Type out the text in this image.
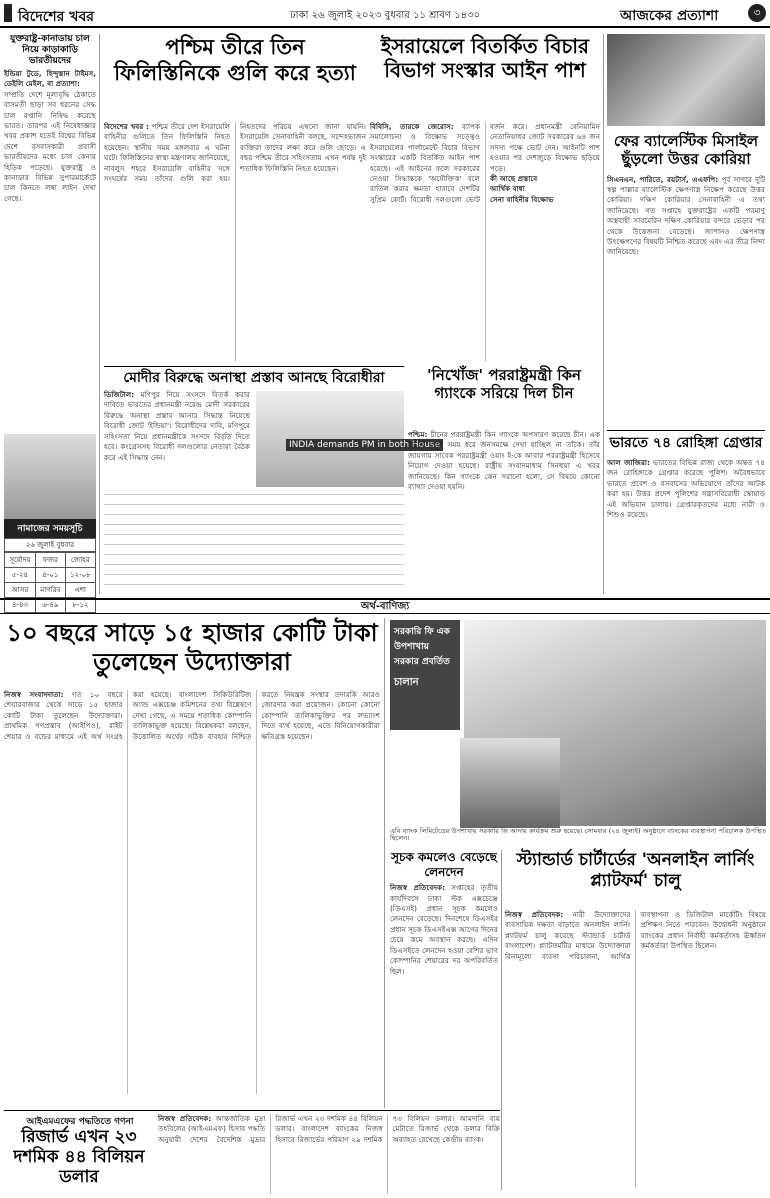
বিদেশের খবর	ঢাকা ২৬ জুলাই ২০২৩ বুধবার ১১ শ্রাবণ ১৪৩০	আজকের প্রত্যাশা	৩
যুক্তরাষ্ট্র-কানাডায় চাল নিয়ে কাড়াকাড়ি ভারতীয়দের
ইন্ডিয়া টুডে, হিন্দুস্তান টাইমস, ডেইলি মেইল, বা প্রত্যাশা:
সম্প্রতি দেশে মূল্যবৃদ্ধি ঠেকাতে বাসমতী ছাড়া সব ধরনের সেদ্ধ চাল রপ্তানি নিষিদ্ধ করেছে ভারত। তারপর এই নিষেধাজ্ঞার খবর প্রকাশ হতেই বিশ্বের বিভিন্ন দেশে বসবাসকারী প্রবাসী ভারতীয়দের মধ্যে চাল কেনার হিড়িক পড়েছে। যুক্তরাষ্ট্র ও কানাডার বিভিন্ন সুপারমার্কেটে চাল কিনতে লম্বা লাইন দেখা গেছে।
নামাজের সময়সূচি
২৬ জুলাই বুধবার
সূর্যোদয়	ফজর	জোহর
৫-২৪	৪-০১	১২-০৮
আসর	মাগরিব	এশা
৪-৪৩	৬-৪৯	৮-১২
পশ্চিম তীরে তিন ফিলিস্তিনিকে গুলি করে হত্যা
বিদেশের খবর : পশ্চিম তীরে দেশ ইসরায়েলি বাহিনীর গুলিতে তিন ফিলিস্তিনি নিহত হয়েছেন। স্থানীয় সময় মঙ্গলবার এ ঘটনা ঘটে। ফিলিস্তিনের স্বাস্থ্য মন্ত্রণালয় জানিয়েছে, নাবলুস শহরে ইসরায়েলি বাহিনীর সঙ্গে সংঘর্ষের সময় তাঁদের গুলি করা হয়। নিহতদের পরিচয় এখনো জানা যায়নি। ইসরায়েলি সেনাবাহিনী বলছে, সন্দেহভাজন ব্যক্তিরা তাদের লক্ষ্য করে গুলি ছোড়ে। এ বছর পশ্চিম তীরে সহিংসতায় এখন পর্যন্ত দুই শতাধিক ফিলিস্তিনি নিহত হয়েছেন।
ইসরায়েলে বিতর্কিত বিচার বিভাগ সংস্কার আইন পাশ
বিবিসি, তারকে জেরোস: ব্যাপক সমালোচনা ও বিক্ষোভ সত্ত্বেও ইসরায়েলের পার্লামেন্টে বিচার বিভাগ সংস্কারের একটি বিতর্কিত আইন পাশ হয়েছে। এই আইনের ফলে সরকারের নেওয়া সিদ্ধান্তকে 'অযৌক্তিক' বলে বাতিল করার ক্ষমতা হারাবে দেশটির সুপ্রিম কোর্ট। বিরোধী দলগুলো ভোট বর্জন করে। প্রধানমন্ত্রী বেনিয়ামিন নেতানিয়াহুর জোট সরকারের ৬৪ জন সদস্য পক্ষে ভোট দেন। আইনটি পাশ হওয়ার পর দেশজুড়ে বিক্ষোভ ছড়িয়ে পড়ে।
কী আছে প্রস্তাবে
আর্থিক বাধা
সেনা বাহিনীর বিক্ষোভ
ফের ব্যালেস্টিক মিসাইল ছুঁড়লো উত্তর কোরিয়া
সিএনএন, পারিতে, রয়টার্স, এএফপি: পূর্ব সাগরে দুটি স্বল্প পাল্লার ব্যালেস্টিক ক্ষেপণাস্ত্র নিক্ষেপ করেছে উত্তর কোরিয়া। দক্ষিণ কোরিয়ার সেনাবাহিনী এ তথ্য জানিয়েছে। গত সপ্তাহে যুক্তরাষ্ট্রের একটি পরমাণু অস্ত্রবাহী সাবমেরিন দক্ষিণ কোরিয়ার বন্দরে ভেড়ার পর থেকে উত্তেজনা বেড়েছে। জাপানও ক্ষেপণাস্ত্র উৎক্ষেপণের বিষয়টি নিশ্চিত করেছে এবং এর তীব্র নিন্দা জানিয়েছে।
মোদীর বিরুদ্ধে অনাস্থা প্রস্তাব আনছে বিরোধীরা
INDIA demands PM in both House
ডিজিটাল: মণিপুর নিয়ে সংসদে বিতর্ক করার দাবিতে ভারতের প্রধানমন্ত্রী নরেন্দ্র মোদী সরকারের বিরুদ্ধে অনাস্থা প্রস্তাব আনার সিদ্ধান্ত নিয়েছে বিরোধী জোট 'ইন্ডিয়া'। বিরোধীদের দাবি, মণিপুরে সহিংসতা নিয়ে প্রধানমন্ত্রীকে সংসদে বিবৃতি দিতে হবে। কংগ্রেসসহ বিরোধী দলগুলোর নেতারা বৈঠক করে এই সিদ্ধান্ত নেন।
'নিখোঁজ' পররাষ্ট্রমন্ত্রী কিন গ্যাংকে সরিয়ে দিল চীন
পশ্চিম: চীনের পররাষ্ট্রমন্ত্রী কিন গ্যাংকে অপসারণ করেছে চীন। এক মাসের বেশি সময় ধরে জনসমক্ষে দেখা যাচ্ছিল না তাঁকে। তাঁর জায়গায় সাবেক পররাষ্ট্রমন্ত্রী ওয়াং ই-কে আবার পররাষ্ট্রমন্ত্রী হিসেবে নিয়োগ দেওয়া হয়েছে। রাষ্ট্রীয় সংবাদমাধ্যম সিনহুয়া এ খবর জানিয়েছে। কিন গ্যাংকে কেন সরানো হলো, সে বিষয়ে কোনো ব্যাখ্যা দেওয়া হয়নি।
ভারতে ৭৪ রোহিঙ্গা গ্রেপ্তার
আল জাজিরা: ভারতের বিভিন্ন রাজ্য থেকে অন্তত ৭৪ জন রোহিঙ্গাকে গ্রেপ্তার করেছে পুলিশ। অবৈধভাবে ভারতে প্রবেশ ও বসবাসের অভিযোগে তাঁদের আটক করা হয়। উত্তর প্রদেশ পুলিশের সন্ত্রাসবিরোধী স্কোয়াড এই অভিযান চালায়। গ্রেপ্তারকৃতদের মধ্যে নারী ও শিশুও রয়েছে।
অর্থ-বাণিজ্য
১০ বছরে সাড়ে ১৫ হাজার কোটি টাকা তুলেছেন উদ্যোক্তারা
নিজস্ব সংবাদদাতা: গত ১০ বছরে শেয়ারবাজার থেকে সাড়ে ১৫ হাজার কোটি টাকা তুলেছেন উদ্যোক্তারা। প্রাথমিক গণপ্রস্তাব (আইপিও), রাইট শেয়ার ও বন্ডের মাধ্যমে এই অর্থ সংগ্রহ করা হয়েছে। বাংলাদেশ সিকিউরিটিজ অ্যান্ড এক্সচেঞ্জ কমিশনের তথ্য বিশ্লেষণে দেখা গেছে, এ সময়ে শতাধিক কোম্পানি তালিকাভুক্ত হয়েছে। বিশ্লেষকরা বলছেন, উত্তোলিত অর্থের সঠিক ব্যবহার নিশ্চিত করতে নিয়ন্ত্রক সংস্থার তদারকি আরও জোরদার করা প্রয়োজন। কোনো কোনো কোম্পানি তালিকাভুক্তির পর লভ্যাংশ দিতে ব্যর্থ হয়েছে, এতে বিনিয়োগকারীরা ক্ষতিগ্রস্ত হয়েছেন।
সরকারি ফি এক
উপশাখায়
সরকার প্রবর্তিত
চালান
এবি ব্যাংক লিমিটেডের উপশাখায় সরকারি ফি আদায় কার্যক্রম শুরু হয়েছে। সোমবার (২৪ জুলাই) অনুষ্ঠানে ব্যাংকের ব্যবস্থাপনা পরিচালক উপস্থিত ছিলেন।
সূচক কমলেও বেড়েছে লেনদেন
নিজস্ব প্রতিবেদক: সপ্তাহের তৃতীয় কার্যদিবসে ঢাকা স্টক এক্সচেঞ্জে (ডিএসই) প্রধান সূচক কমলেও লেনদেন বেড়েছে। দিনশেষে ডিএসইর প্রধান সূচক ডিএসইএক্স আগের দিনের চেয়ে কমে অবস্থান করছে। এদিন ডিএসইতে লেনদেন হওয়া বেশির ভাগ কোম্পানির শেয়ারের দর অপরিবর্তিত ছিল।
স্ট্যান্ডার্ড চার্টার্ডের 'অনলাইন লার্নিং প্ল্যাটফর্ম' চালু
নিজস্ব প্রতিবেদক: নারী উদ্যোক্তাদের ব্যবসায়িক দক্ষতা বাড়াতে অনলাইন লার্নিং প্ল্যাটফর্ম চালু করেছে স্ট্যান্ডার্ড চার্টার্ড বাংলাদেশ। প্ল্যাটফর্মটির মাধ্যমে উদ্যোক্তারা বিনামূল্যে ব্যবসা পরিচালনা, আর্থিক ব্যবস্থাপনা ও ডিজিটাল মার্কেটিং বিষয়ে প্রশিক্ষণ নিতে পারবেন। উদ্বোধনী অনুষ্ঠানে ব্যাংকের প্রধান নির্বাহী কর্মকর্তাসহ ঊর্ধ্বতন কর্মকর্তারা উপস্থিত ছিলেন।
আইএমএফের পদ্ধতিতে গণনা
রিজার্ভ এখন ২৩ দশমিক ৪৪ বিলিয়ন ডলার
নিজস্ব প্রতিবেদক: আন্তর্জাতিক মুদ্রা তহবিলের (আইএমএফ) হিসাব পদ্ধতি অনুযায়ী দেশের বৈদেশিক মুদ্রার রিজার্ভ এখন ২৩ দশমিক ৪৪ বিলিয়ন ডলার। বাংলাদেশ ব্যাংকের নিজস্ব হিসাবে রিজার্ভের পরিমাণ ২৯ দশমিক ৭৩ বিলিয়ন ডলার। আমদানি ব্যয় মেটাতে রিজার্ভ থেকে ডলার বিক্রি অব্যাহত রেখেছে কেন্দ্রীয় ব্যাংক।
